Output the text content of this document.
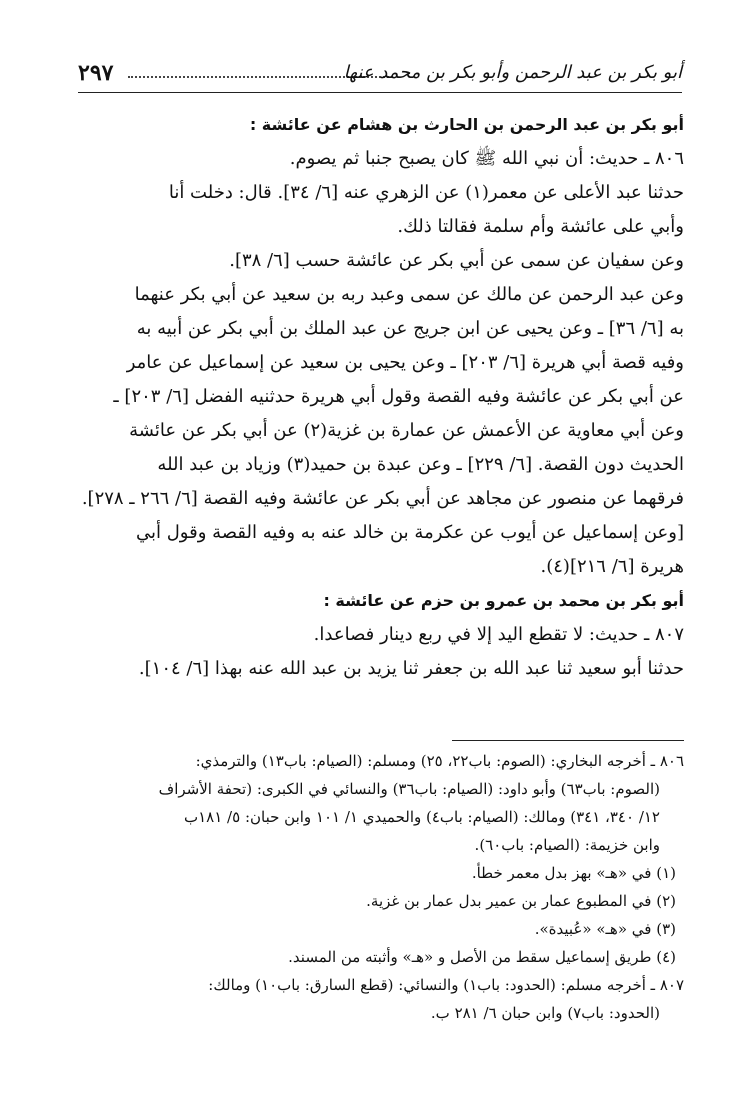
٢٩٧	أبو بكر بن عبد الرحمن وأبو بكر بن محمد عنها

أبو بكر بن عبد الرحمن بن الحارث بن هشام عن عائشة :

٨٠٦ ـ حديث: أن نبي الله ﷺ كان يصبح جنبا ثم يصوم.

حدثنا عبد الأعلى عن معمر(١) عن الزهري عنه [٦/ ٣٤]. قال: دخلت أنا

وأبي على عائشة وأم سلمة فقالتا ذلك.

وعن سفيان عن سمى عن أبي بكر عن عائشة حسب [٦/ ٣٨].

وعن عبد الرحمن عن مالك عن سمى وعبد ربه بن سعيد عن أبي بكر عنهما

به [٦/ ٣٦] ـ وعن يحيى عن ابن جريج عن عبد الملك بن أبي بكر عن أبيه به

وفيه قصة أبي هريرة [٦/ ٢٠٣] ـ وعن يحيى بن سعيد عن إسماعيل عن عامر

عن أبي بكر عن عائشة وفيه القصة وقول أبي هريرة حدثنيه الفضل [٦/ ٢٠٣] ـ

وعن أبي معاوية عن الأعمش عن عمارة بن غزية(٢) عن أبي بكر عن عائشة

الحديث دون القصة. [٦/ ٢٢٩] ـ وعن عبدة بن حميد(٣) وزياد بن عبد الله

فرقهما عن منصور عن مجاهد عن أبي بكر عن عائشة وفيه القصة [٦/ ٢٦٦ ـ ٢٧٨].

[وعن إسماعيل عن أيوب عن عكرمة بن خالد عنه به وفيه القصة وقول أبي

هريرة [٦/ ٢١٦](٤).

أبو بكر بن محمد بن عمرو بن حزم عن عائشة :

٨٠٧ ـ حديث: لا تقطع اليد إلا في ربع دينار فصاعدا.

حدثنا أبو سعيد ثنا عبد الله بن جعفر ثنا يزيد بن عبد الله عنه بهذا [٦/ ١٠٤].

٨٠٦ ـ أخرجه البخاري: (الصوم: باب٢٢، ٢٥) ومسلم: (الصيام: باب١٣) والترمذي:

(الصوم: باب٦٣) وأبو داود: (الصيام: باب٣٦) والنسائي في الكبرى: (تحفة الأشراف

١٢/ ٣٤٠، ٣٤١) ومالك: (الصيام: باب٤) والحميدي ١/ ١٠١ وابن حبان: ٥/ ١٨١ب

وابن خزيمة: (الصيام: باب٦٠).

(١) في «هـ» بهز بدل معمر خطأ.

(٢) في المطبوع عمار بن عمير بدل عمار بن غزية.

(٣) في «هـ» «عُبيدة».

(٤) طريق إسماعيل سقط من الأصل و «هـ» وأثبته من المسند.

٨٠٧ ـ أخرجه مسلم: (الحدود: باب١) والنسائي: (قطع السارق: باب١٠) ومالك:

(الحدود: باب٧) وابن حبان ٦/ ٢٨١ ب.
